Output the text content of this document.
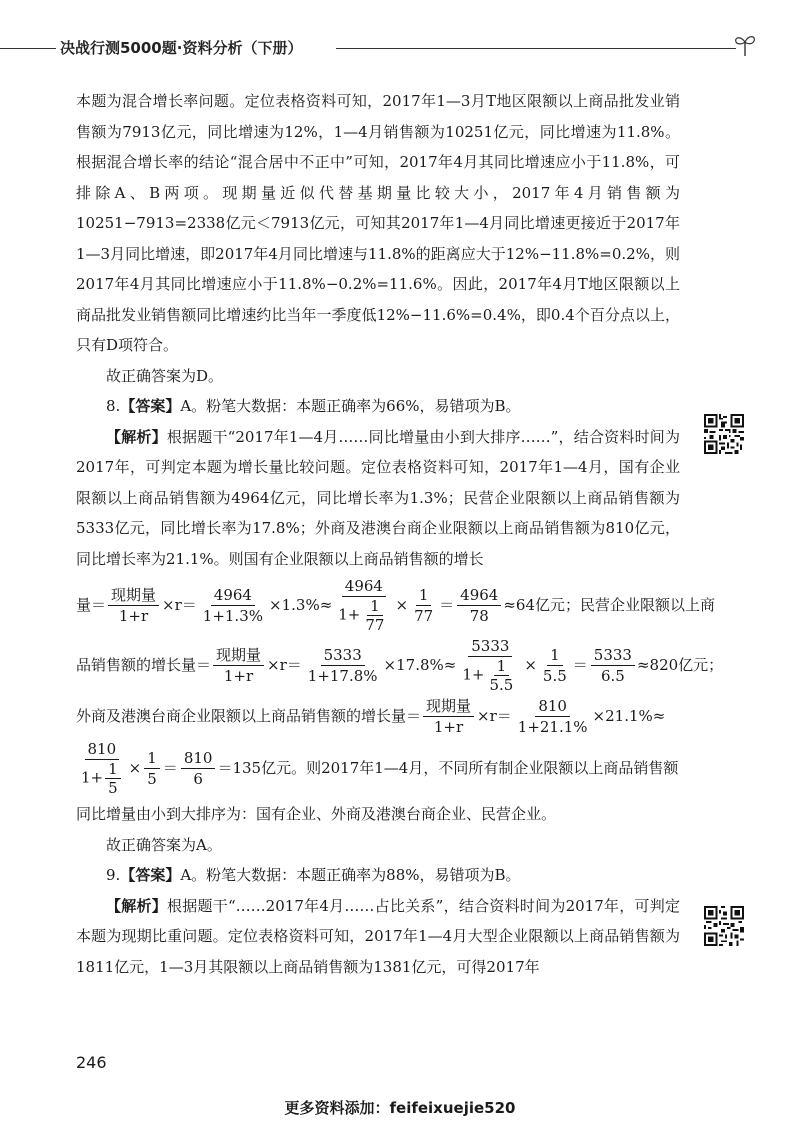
决战行测5000题·资料分析（下册）

本题为混合增长率问题。定位表格资料可知，2017年1—3月T地区限额以上商品批发业销售额为7913亿元，同比增速为12%，1—4月销售额为10251亿元，同比增速为11.8%。根据混合增长率的结论“混合居中不正中”可知，2017年4月其同比增速应小于11.8%，可排除A、B两项。现期量近似代替基期量比较大小，2017年4月销售额为10251−7913=2338亿元＜7913亿元，可知其2017年1—4月同比增速更接近于2017年1—3月同比增速，即2017年4月同比增速与11.8%的距离应大于12%−11.8%=0.2%，则2017年4月其同比增速应小于11.8%−0.2%=11.6%。因此，2017年4月T地区限额以上商品批发业销售额同比增速约比当年一季度低12%−11.6%=0.4%，即0.4个百分点以上，只有D项符合。

故正确答案为D。

8.【答案】A。粉笔大数据：本题正确率为66%，易错项为B。

【解析】根据题干“2017年1—4月……同比增量由小到大排序……”，结合资料时间为2017年，可判定本题为增长量比较问题。定位表格资料可知，2017年1—4月，国有企业限额以上商品销售额为4964亿元，同比增长率为1.3%；民营企业限额以上商品销售额为5333亿元，同比增长率为17.8%；外商及港澳台商企业限额以上商品销售额为810亿元，同比增长率为21.1%。则国有企业限额以上商品销售额的增长

量＝ $\frac{\text{现期量}}{1+r} \times r= \frac{4964}{1+1.3\%} \times 1.3\%\approx \frac{4964}{1+ \frac{1}{77}} \times \frac{1}{77} = \frac{4964}{78} \approx 64$亿元；民营企业限额以上商
品销售额的增长量＝ $\frac{\text{现期量}}{1+r} \times r= \frac{5333}{1+17.8\%} \times 17.8\%\approx \frac{5333}{1+ \frac{1}{5.5}} \times \frac{1}{5.5} = \frac{5333}{6.5} \approx 820$亿元；
外商及港澳台商企业限额以上商品销售额的增长量＝ $\frac{\text{现期量}}{1+r} \times r= \frac{810}{1+21.1\%} \times 21.1\%\approx$
$\frac{810}{1+ \frac{1}{5}} \times \frac{1}{5} = \frac{810}{6} =135$亿元。则2017年1—4月，不同所有制企业限额以上商品销售额

同比增量由小到大排序为：国有企业、外商及港澳台商企业、民营企业。

故正确答案为A。

9.【答案】A。粉笔大数据：本题正确率为88%，易错项为B。

【解析】根据题干“……2017年4月……占比关系”，结合资料时间为2017年，可判定本题为现期比重问题。定位表格资料可知，2017年1—4月大型企业限额以上商品销售额为1811亿元，1—3月其限额以上商品销售额为1381亿元，可得2017年

246
更多资料添加：feifeixuejie520
